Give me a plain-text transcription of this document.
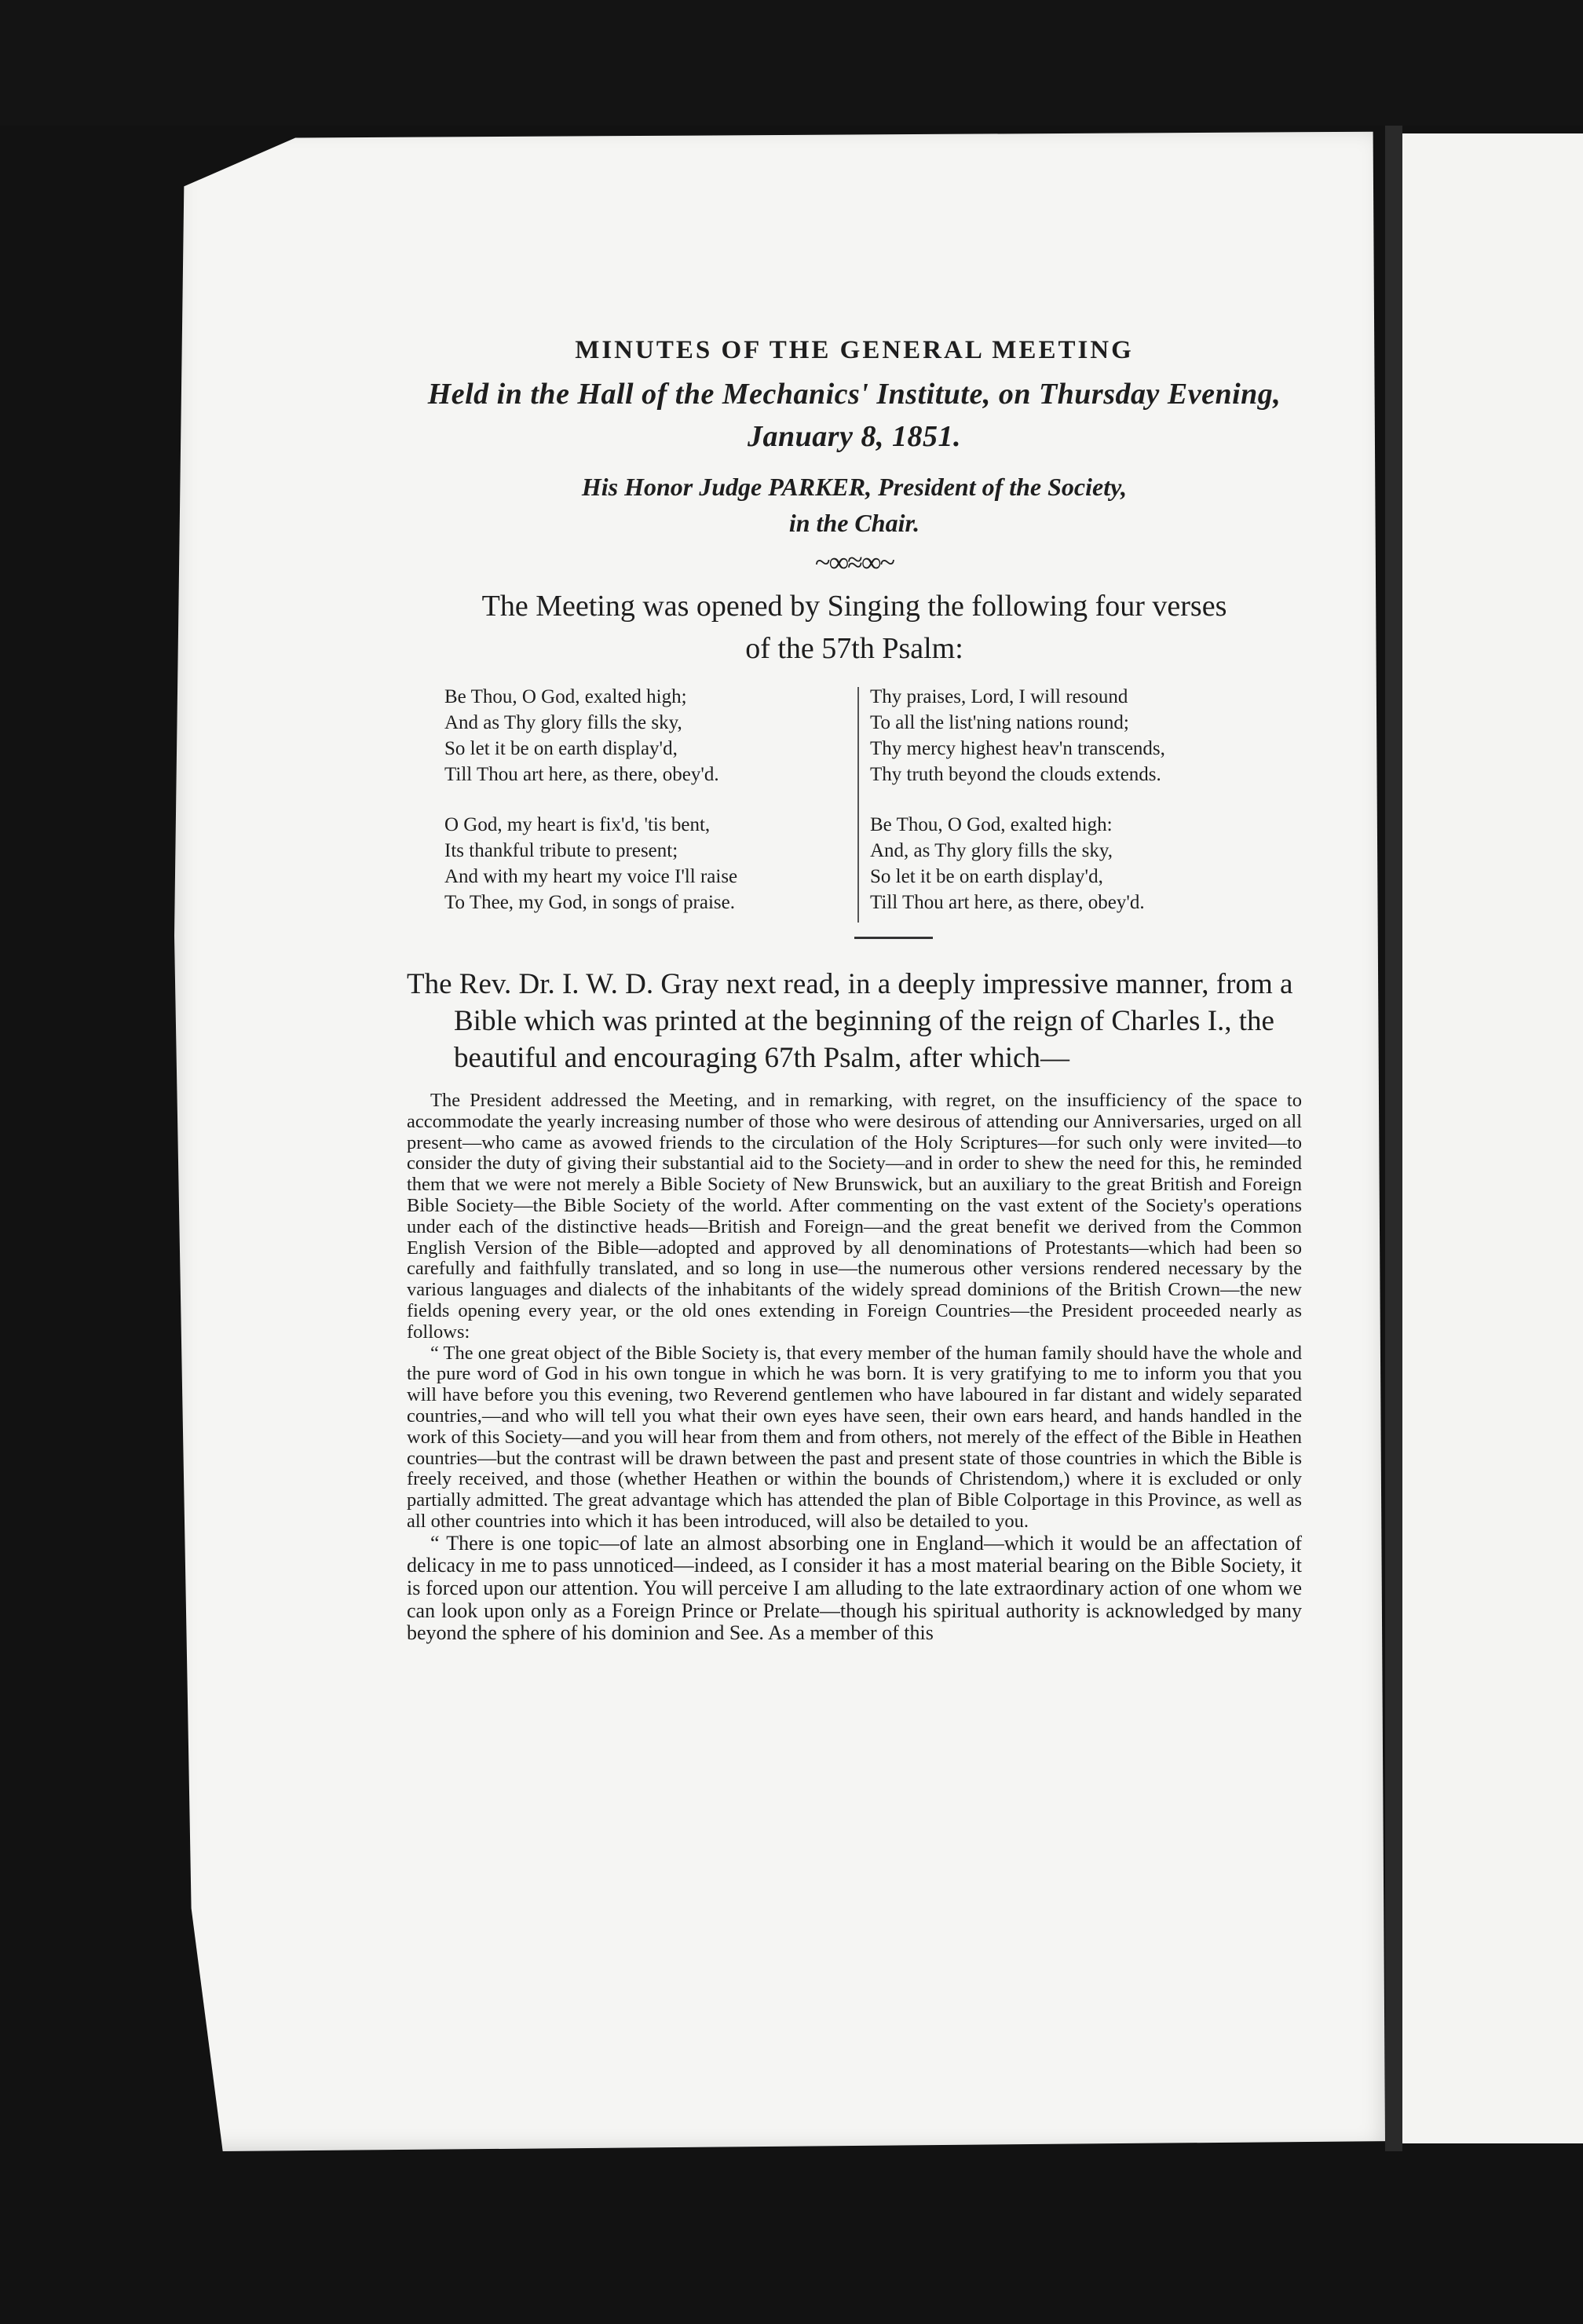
MINUTES OF THE GENERAL MEETING
Held in the Hall of the Mechanics' Institute, on Thursday Evening,
January 8, 1851.
His Honor Judge PARKER, President of the Society,
in the Chair.
~∞≈∞~
The Meeting was opened by Singing the following four verses
of the 57th Psalm:
Be Thou, O God, exalted high;
And as Thy glory fills the sky,
So let it be on earth display'd,
Till Thou art here, as there, obey'd.
O God, my heart is fix'd, 'tis bent,
Its thankful tribute to present;
And with my heart my voice I'll raise
To Thee, my God, in songs of praise.
Thy praises, Lord, I will resound
To all the list'ning nations round;
Thy mercy highest heav'n transcends,
Thy truth beyond the clouds extends.
Be Thou, O God, exalted high:
And, as Thy glory fills the sky,
So let it be on earth display'd,
Till Thou art here, as there, obey'd.
The Rev. Dr. I. W. D. Gray next read, in a deeply impressive manner, from a Bible which was printed at the beginning of the reign of Charles I., the beautiful and encouraging 67th Psalm, after which—

The President addressed the Meeting, and in remarking, with regret, on the insufficiency of the space to accommodate the yearly increasing number of those who were desirous of attending our Anniversaries, urged on all present—who came as avowed friends to the circulation of the Holy Scriptures—for such only were invited—to consider the duty of giving their substantial aid to the Society—and in order to shew the need for this, he reminded them that we were not merely a Bible Society of New Brunswick, but an auxiliary to the great British and Foreign Bible Society—the Bible Society of the world. After commenting on the vast extent of the Society's operations under each of the distinctive heads—British and Foreign—and the great benefit we derived from the Common English Version of the Bible—adopted and approved by all denominations of Protestants—which had been so carefully and faithfully translated, and so long in use—the numerous other versions rendered necessary by the various languages and dialects of the inhabitants of the widely spread dominions of the British Crown—the new fields opening every year, or the old ones extending in Foreign Countries—the President proceeded nearly as follows:

“ The one great object of the Bible Society is, that every member of the human family should have the whole and the pure word of God in his own tongue in which he was born. It is very gratifying to me to inform you that you will have before you this evening, two Reverend gentlemen who have laboured in far distant and widely separated countries,—and who will tell you what their own eyes have seen, their own ears heard, and hands handled in the work of this Society—and you will hear from them and from others, not merely of the effect of the Bible in Heathen countries—but the contrast will be drawn between the past and present state of those countries in which the Bible is freely received, and those (whether Heathen or within the bounds of Christendom,) where it is excluded or only partially admitted. The great advantage which has attended the plan of Bible Colportage in this Province, as well as all other countries into which it has been introduced, will also be detailed to you.

“ There is one topic—of late an almost absorbing one in England—which it would be an affectation of delicacy in me to pass unnoticed—indeed, as I consider it has a most material bearing on the Bible Society, it is forced upon our attention. You will perceive I am alluding to the late extraordinary action of one whom we can look upon only as a Foreign Prince or Prelate—though his spiritual authority is acknowledged by many beyond the sphere of his dominion and See. As a member of this
